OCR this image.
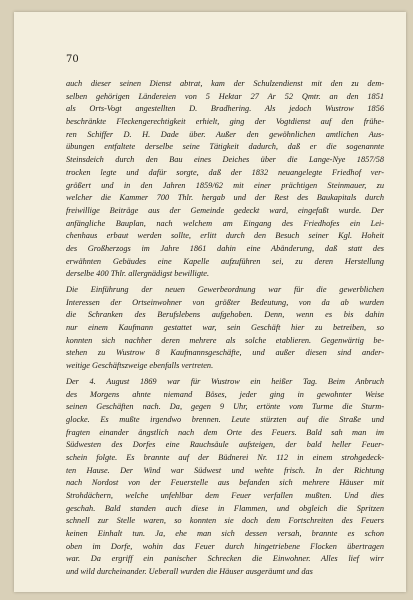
70
auch dieser seinen Dienst abtrat, kam der Schulzendienst mit den zu dem-
selben gehörigen Ländereien von 5 Hektar 27 Ar 52 Qmtr. an den 1851
als Orts-Vogt angestellten D. Bradhering. Als jedoch Wustrow 1856
beschränkte Fleckengerechtigkeit erhielt, ging der Vogtdienst auf den frühe-
ren Schiffer D. H. Dade über. Außer den gewöhnlichen amtlichen Aus-
übungen entfaltete derselbe seine Tätigkeit dadurch, daß er die sogenannte
Steinsdeich durch den Bau eines Deiches über die Lange-Nye 1857/58
trocken legte und dafür sorgte, daß der 1832 neuangelegte Friedhof ver-
größert und in den Jahren 1859/62 mit einer prächtigen Steinmauer, zu
welcher die Kammer 700 Thlr. hergab und der Rest des Baukapitals durch
freiwillige Beiträge aus der Gemeinde gedeckt ward, eingefaßt wurde. Der
anfängliche Bauplan, nach welchem am Eingang des Friedhofes ein Lei-
chenhaus erbaut werden sollte, erlitt durch den Besuch seiner Kgl. Hoheit
des Großherzogs im Jahre 1861 dahin eine Abänderung, daß statt des
erwähnten Gebäudes eine Kapelle aufzuführen sei, zu deren Herstellung
derselbe 400 Thlr. allergnädigst bewilligte.
Die Einführung der neuen Gewerbeordnung war für die gewerblichen
Interessen der Ortseinwohner von größter Bedeutung, von da ab wurden
die Schranken des Berufslebens aufgehoben. Denn, wenn es bis dahin
nur einem Kaufmann gestattet war, sein Geschäft hier zu betreiben, so
konnten sich nachher deren mehrere als solche etablieren. Gegenwärtig be-
stehen zu Wustrow 8 Kaufmannsgeschäfte, und außer diesen sind ander-
weitige Geschäftszweige ebenfalls vertreten.
Der 4. August 1869 war für Wustrow ein heißer Tag. Beim Anbruch
des Morgens ahnte niemand Böses, jeder ging in gewohnter Weise
seinen Geschäften nach. Da, gegen 9 Uhr, ertönte vom Turme die Sturm-
glocke. Es mußte irgendwo brennen. Leute stürzten auf die Straße und
fragten einander ängstlich nach dem Orte des Feuers. Bald sah man im
Südwesten des Dorfes eine Rauchsäule aufsteigen, der bald heller Feuer-
schein folgte. Es brannte auf der Büdnerei Nr. 112 in einem strohgedeck-
ten Hause. Der Wind war Südwest und wehte frisch. In der Richtung
nach Nordost von der Feuerstelle aus befanden sich mehrere Häuser mit
Strohdächern, welche unfehlbar dem Feuer verfallen mußten. Und dies
geschah. Bald standen auch diese in Flammen, und obgleich die Spritzen
schnell zur Stelle waren, so konnten sie doch dem Fortschreiten des Feuers
keinen Einhalt tun. Ja, ehe man sich dessen versah, brannte es schon
oben im Dorfe, wohin das Feuer durch hingetriebene Flocken übertragen
war. Da ergriff ein panischer Schrecken die Einwohner. Alles lief wirr
und wild durcheinander. Ueberall wurden die Häuser ausgeräumt und das
